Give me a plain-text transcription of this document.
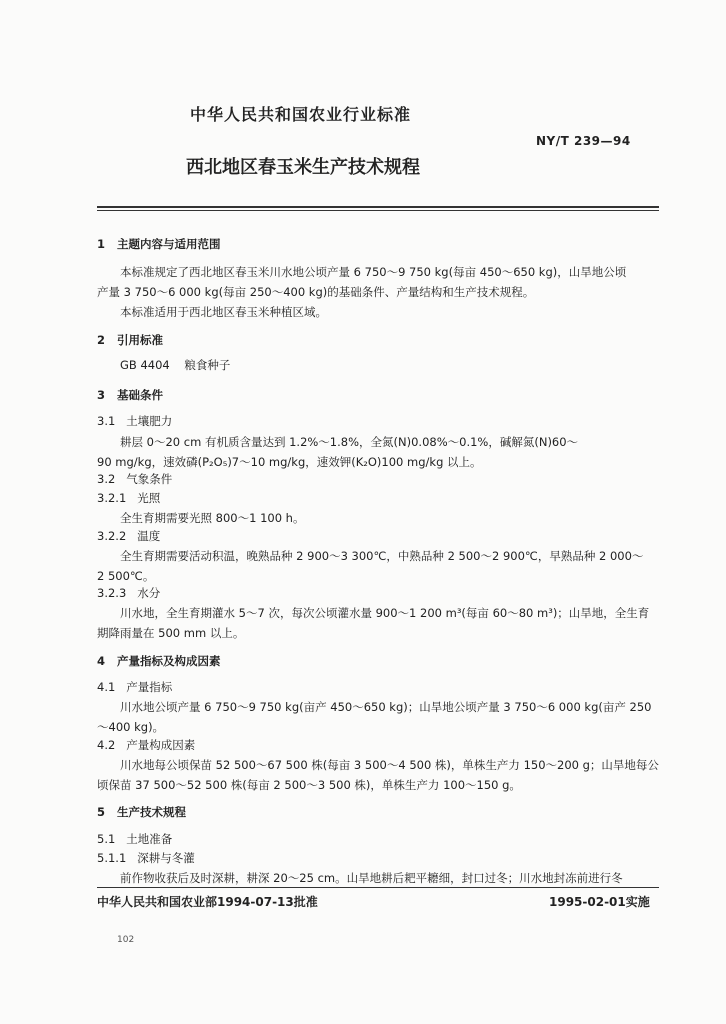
中华人民共和国农业行业标准
NY/T 239—94
西北地区春玉米生产技术规程
1 主题内容与适用范围
本标准规定了西北地区春玉米川水地公顷产量 6 750～9 750 kg(每亩 450～650 kg)，山旱地公顷
产量 3 750～6 000 kg(每亩 250～400 kg)的基础条件、产量结构和生产技术规程。
本标准适用于西北地区春玉米种植区域。
2 引用标准
GB 4404 粮食种子
3 基础条件
3.1 土壤肥力
耕层 0～20 cm 有机质含量达到 1.2%～1.8%，全氮(N)0.08%～0.1%，碱解氮(N)60～
90 mg/kg，速效磷(P₂O₅)7～10 mg/kg，速效钾(K₂O)100 mg/kg 以上。
3.2 气象条件
3.2.1 光照
全生育期需要光照 800～1 100 h。
3.2.2 温度
全生育期需要活动积温，晚熟品种 2 900～3 300℃，中熟品种 2 500～2 900℃，早熟品种 2 000～
2 500℃。
3.2.3 水分
川水地，全生育期灌水 5～7 次，每次公顷灌水量 900～1 200 m³(每亩 60～80 m³)；山旱地，全生育
期降雨量在 500 mm 以上。
4 产量指标及构成因素
4.1 产量指标
川水地公顷产量 6 750～9 750 kg(亩产 450～650 kg)；山旱地公顷产量 3 750～6 000 kg(亩产 250
～400 kg)。
4.2 产量构成因素
川水地每公顷保苗 52 500～67 500 株(每亩 3 500～4 500 株)，单株生产力 150～200 g；山旱地每公
顷保苗 37 500～52 500 株(每亩 2 500～3 500 株)，单株生产力 100～150 g。
5 生产技术规程
5.1 土地准备
5.1.1 深耕与冬灌
前作物收获后及时深耕，耕深 20～25 cm。山旱地耕后耙平耱细，封口过冬；川水地封冻前进行冬
中华人民共和国农业部1994-07-13批准	1995-02-01实施
102
